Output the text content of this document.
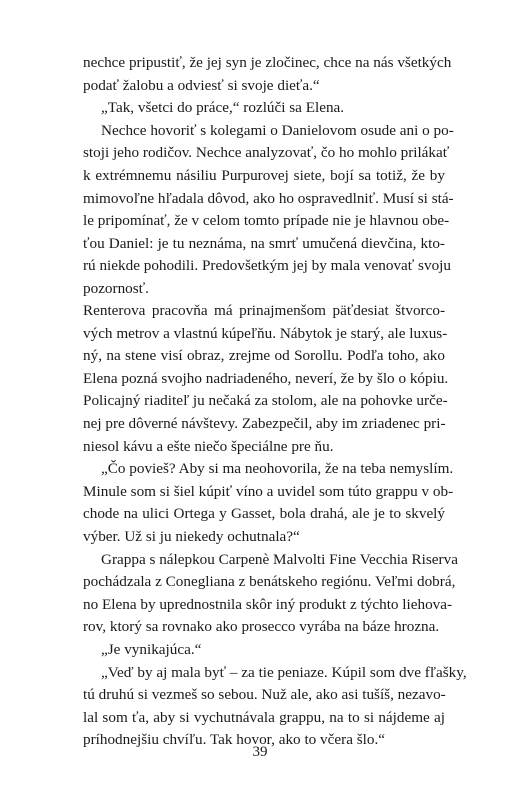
nechce pripustiť, že jej syn je zločinec, chce na nás všetkých
podať žalobu a odviesť si svoje dieťa.“
„Tak, všetci do práce,“ rozlúči sa Elena.
Nechce hovoriť s kolegami o Danielovom osude ani o po-
stoji jeho rodičov. Nechce analyzovať, čo ho mohlo prilákať
k extrémnemu násiliu Purpurovej siete, bojí sa totiž, že by
mimovoľne hľadala dôvod, ako ho ospravedlniť. Musí si stá-
le pripomínať, že v celom tomto prípade nie je hlavnou obe-
ťou Daniel: je tu neznáma, na smrť umučená dievčina, kto-
rú niekde pohodili. Predovšetkým jej by mala venovať svoju
pozornosť.
Renterova pracovňa má prinajmenšom päťdesiat štvorco-
vých metrov a vlastnú kúpeľňu. Nábytok je starý, ale luxus-
ný, na stene visí obraz, zrejme od Sorollu. Podľa toho, ako
Elena pozná svojho nadriadeného, neverí, že by šlo o kópiu.
Policajný riaditeľ ju nečaká za stolom, ale na pohovke urče-
nej pre dôverné návštevy. Zabezpečil, aby im zriadenec pri-
niesol kávu a ešte niečo špeciálne pre ňu.
„Čo povieš? Aby si ma neohovorila, že na teba nemyslím.
Minule som si šiel kúpiť víno a uvidel som túto grappu v ob-
chode na ulici Ortega y Gasset, bola drahá, ale je to skvelý
výber. Už si ju niekedy ochutnala?“
Grappa s nálepkou Carpenè Malvolti Fine Vecchia Riserva
pochádzala z Conegliana z benátskeho regiónu. Veľmi dobrá,
no Elena by uprednostnila skôr iný produkt z týchto liehova-
rov, ktorý sa rovnako ako prosecco vyrába na báze hrozna.
„Je vynikajúca.“
„Veď by aj mala byť – za tie peniaze. Kúpil som dve fľašky,
tú druhú si vezmeš so sebou. Nuž ale, ako asi tušíš, nezavo-
lal som ťa, aby si vychutnávala grappu, na to si nájdeme aj
príhodnejšiu chvíľu. Tak hovor, ako to včera šlo.“
39
